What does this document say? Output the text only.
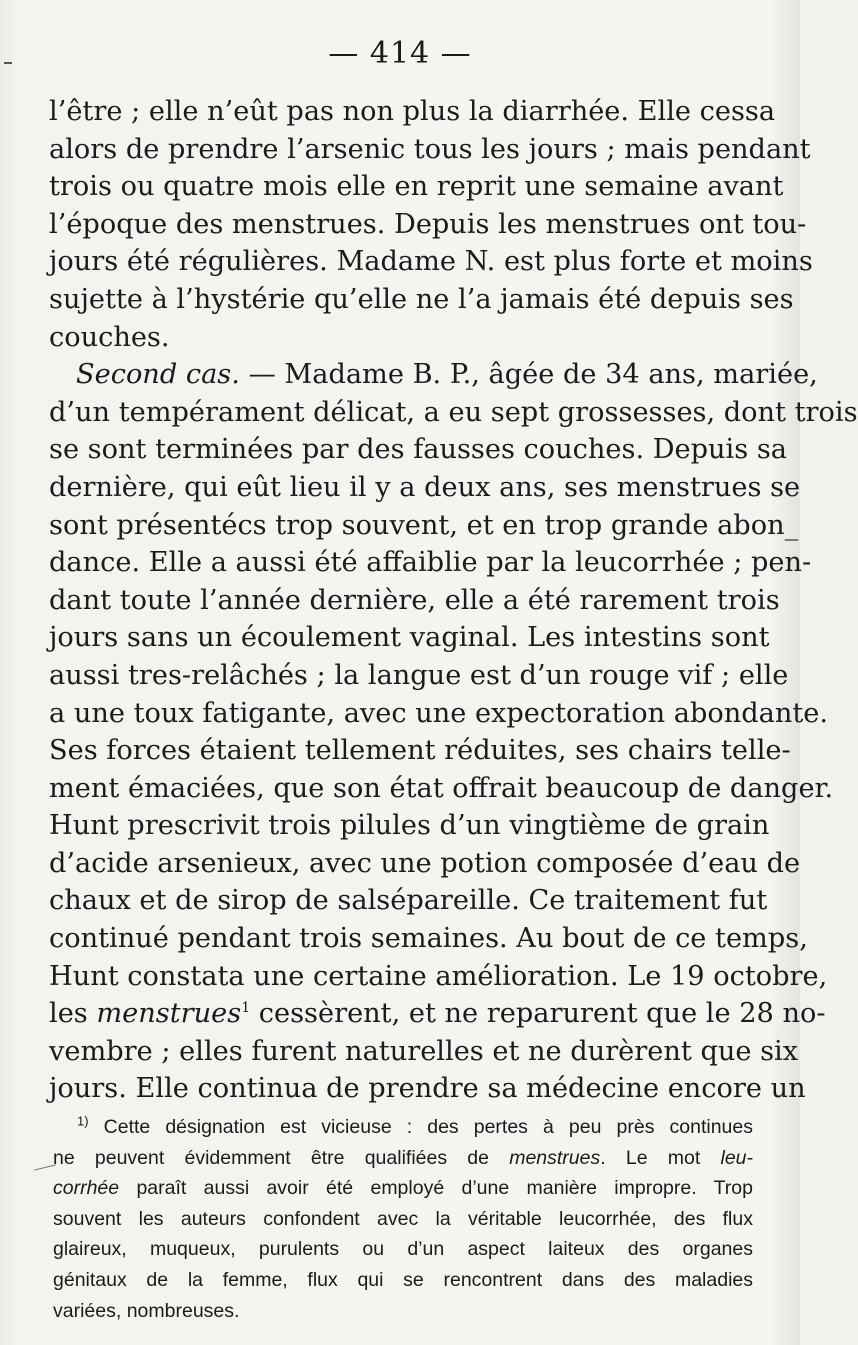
— 414 —
l’être ; elle n’eût pas non plus la diarrhée. Elle cessa
alors de prendre l’arsenic tous les jours ; mais pendant
trois ou quatre mois elle en reprit une semaine avant
l’époque des menstrues. Depuis les menstrues ont tou-
jours été régulières. Madame N. est plus forte et moins
sujette à l’hystérie qu’elle ne l’a jamais été depuis ses
couches.
Second cas. — Madame B. P., âgée de 34 ans, mariée,
d’un tempérament délicat, a eu sept grossesses, dont trois
se sont terminées par des fausses couches. Depuis sa
dernière, qui eût lieu il y a deux ans, ses menstrues se
sont présentécs trop souvent, et en trop grande abon_
dance. Elle a aussi été affaiblie par la leucorrhée ; pen-
dant toute l’année dernière, elle a été rarement trois
jours sans un écoulement vaginal. Les intestins sont
aussi tres-relâchés ; la langue est d’un rouge vif ; elle
a une toux fatigante, avec une expectoration abondante.
Ses forces étaient tellement réduites, ses chairs telle-
ment émaciées, que son état offrait beaucoup de danger.
Hunt prescrivit trois pilules d’un vingtième de grain
d’acide arsenieux, avec une potion composée d’eau de
chaux et de sirop de salsépareille. Ce traitement fut
continué pendant trois semaines. Au bout de ce temps,
Hunt constata une certaine amélioration. Le 19 octobre,
les menstrues$^1$ cessèrent, et ne reparurent que le 28 no-
vembre ; elles furent naturelles et ne durèrent que six
jours. Elle continua de prendre sa médecine encore un
$^{1)}$ Cette désignation est vicieuse : des pertes à peu près continues
ne peuvent évidemment être qualifiées de menstrues. Le mot leu-
corrhée paraît aussi avoir été employé d’une manière impropre. Trop
souvent les auteurs confondent avec la véritable leucorrhée, des flux
glaireux, muqueux, purulents ou d’un aspect laiteux des organes
génitaux de la femme, flux qui se rencontrent dans des maladies
variées, nombreuses.
